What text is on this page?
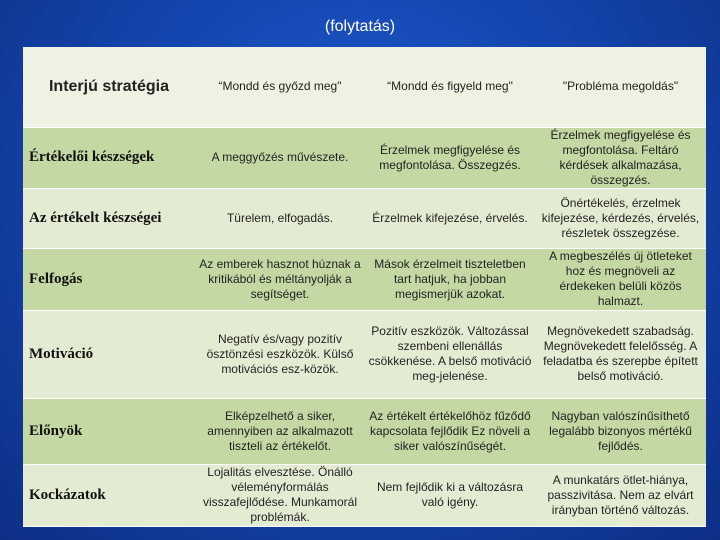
(folytatás)
Interjú stratégia	“Mondd és győzd meg"	“Mondd és figyeld meg"	"Probléma megoldás"
Értékelői készségek	A meggyőzés művészete.	Érzelmek megfigyelése és megfontolása. Összegzés.	Érzelmek megfigyelése és megfontolása. Feltáró kérdések alkalmazása, összegzés.
Az értékelt készségei	Türelem, elfogadás.	Érzelmek kifejezése, érvelés.	Önértékelés, érzelmek kifejezése, kérdezés, érvelés, részletek összegzése.
Felfogás	Az emberek hasznot húznak a kritikából és méltányolják a segítséget.	Mások érzelmeit tiszteletben tart hatjuk, ha jobban megismerjük azokat.	A megbeszélés új ötleteket hoz és megnöveli az érdekeken belüli közös halmazt.
Motiváció	Negatív és/vagy pozitív ösztönzési eszközök. Külső motivációs esz-közök.	Pozitív eszközök. Változással szembeni ellenállás csökkenése. A belső motiváció meg-jelenése.	Megnövekedett szabadság. Megnövekedett felelősség. A feladatba és szerepbe épített belső motiváció.
Előnyök	Elképzelhető a siker, amennyiben az alkalmazott tiszteli az értékelőt.	Az értékelt értékelőhöz fűződő kapcsolata fejlődik Ez növeli a siker valószínűségét.	Nagyban valószínűsíthető legalább bizonyos mértékű fejlődés.
Kockázatok	Lojalitás elvesztése. Önálló véleményformálás visszafejlődése. Munkamorál problémák.	Nem fejlődik ki a változásra való igény.	A munkatárs ötlet-hiánya, passzivitása. Nem az elvárt irányban történő változás.
